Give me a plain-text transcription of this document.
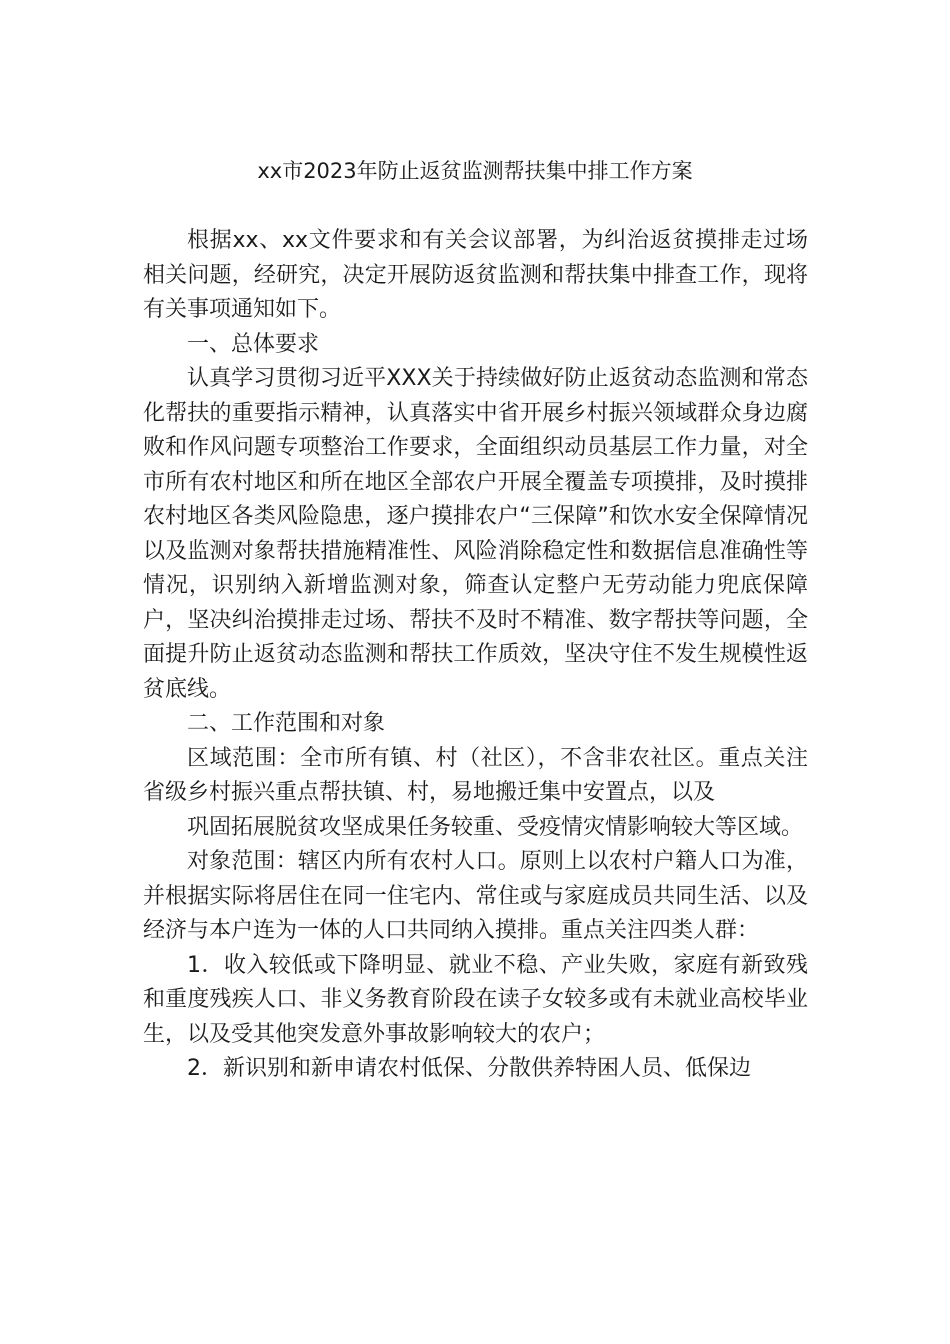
xx市2023年防止返贫监测帮扶集中排工作方案

根据xx、xx文件要求和有关会议部署，为纠治返贫摸排走过场相关问题，经研究，决定开展防返贫监测和帮扶集中排查工作，现将有关事项通知如下。

一、总体要求

认真学习贯彻习近平XXX关于持续做好防止返贫动态监测和常态化帮扶的重要指示精神，认真落实中省开展乡村振兴领域群众身边腐败和作风问题专项整治工作要求，全面组织动员基层工作力量，对全市所有农村地区和所在地区全部农户开展全覆盖专项摸排，及时摸排农村地区各类风险隐患，逐户摸排农户“三保障”和饮水安全保障情况以及监测对象帮扶措施精准性、风险消除稳定性和数据信息准确性等情况，识别纳入新增监测对象，筛查认定整户无劳动能力兜底保障户，坚决纠治摸排走过场、帮扶不及时不精准、数字帮扶等问题，全面提升防止返贫动态监测和帮扶工作质效，坚决守住不发生规模性返贫底线。

二、工作范围和对象

区域范围：全市所有镇、村（社区），不含非农社区。重点关注省级乡村振兴重点帮扶镇、村，易地搬迁集中安置点，以及

巩固拓展脱贫攻坚成果任务较重、受疫情灾情影响较大等区域。

对象范围：辖区内所有农村人口。原则上以农村户籍人口为准，并根据实际将居住在同一住宅内、常住或与家庭成员共同生活、以及经济与本户连为一体的人口共同纳入摸排。重点关注四类人群：

1．收入较低或下降明显、就业不稳、产业失败，家庭有新致残和重度残疾人口、非义务教育阶段在读子女较多或有未就业高校毕业生，以及受其他突发意外事故影响较大的农户；

2．新识别和新申请农村低保、分散供养特困人员、低保边
